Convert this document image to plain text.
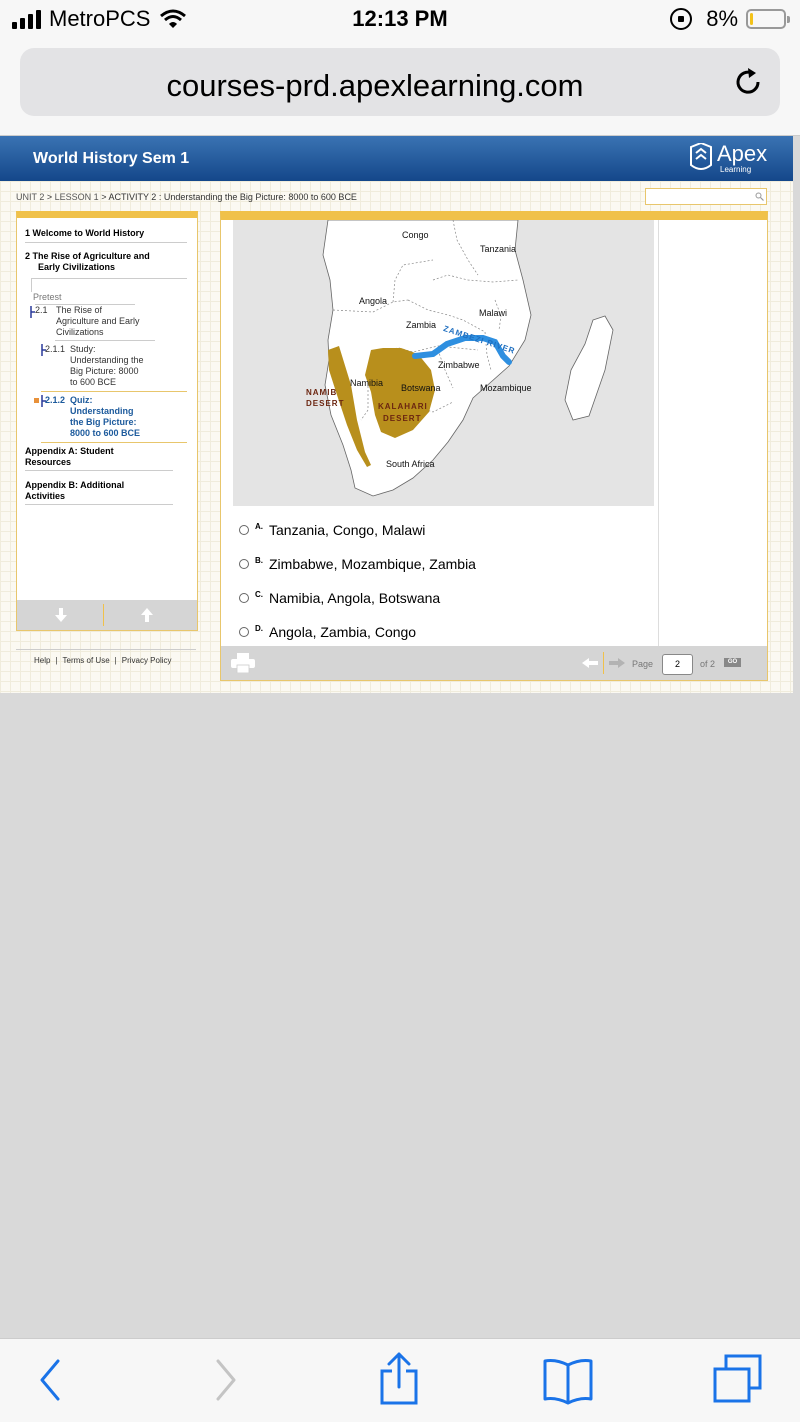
MetroPCS	12:13 PM	8%
courses-prd.apexlearning.com
World History Sem 1	Apex
Learning
UNIT 2 > LESSON 1 > ACTIVITY 2 : Understanding the Big Picture: 8000 to 600 BCE
1 Welcome to World History
2 The Rise of Agriculture and
Early Civilizations
Pretest
2.1 The Rise of
Agriculture and Early
Civilizations
2.1.1 Study:
Understanding the
Big Picture: 8000
to 600 BCE
2.1.2 Quiz:
Understanding
the Big Picture:
8000 to 600 BCE
Appendix A: Student
Resources
Appendix B: Additional
Activities
Help | Terms of Use | Privacy Policy
Congo
Tanzania
Angola
Malawi
Zambia ZAMBEZI RIVER
Zimbabwe
Namibia
NAMIB
DESERT
Botswana	Mozambique
KALAHARI
DESERT
South Africa
A. Tanzania, Congo, Malawi
B. Zimbabwe, Mozambique, Zambia
C. Namibia, Angola, Botswana
D. Angola, Zambia, Congo
Page	2	of 2	GO
